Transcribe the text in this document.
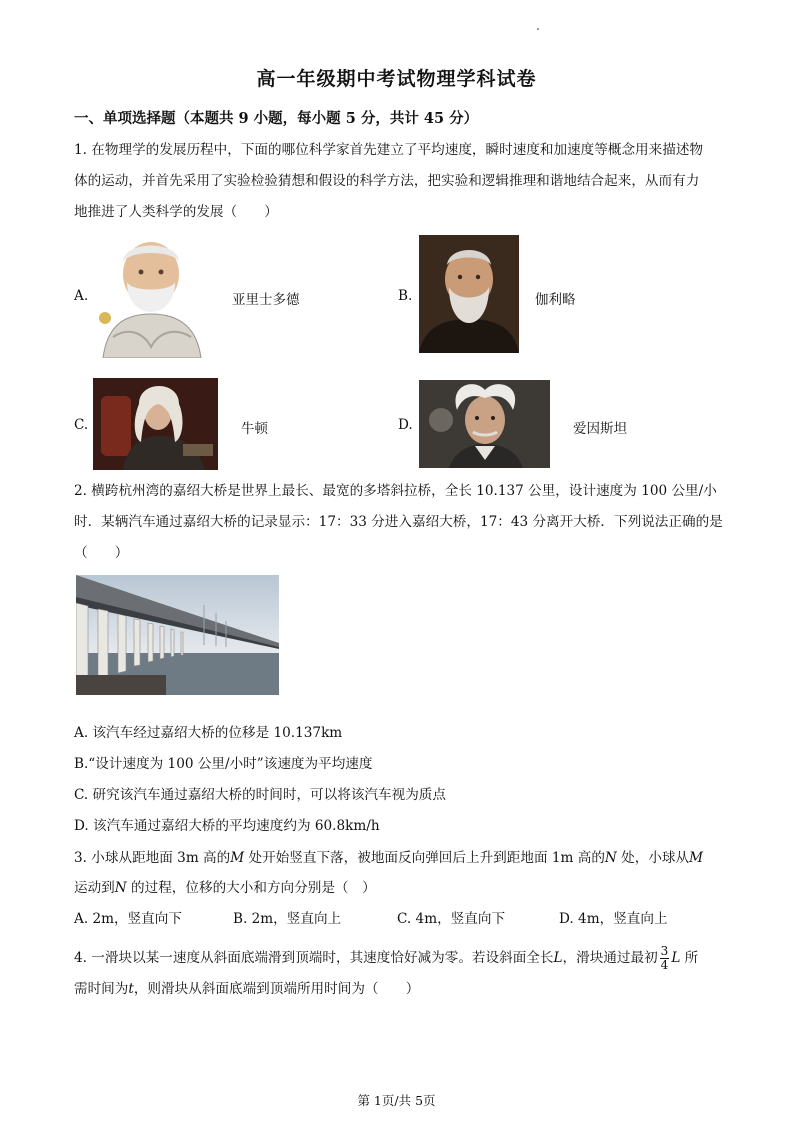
高一年级期中考试物理学科试卷
一、单项选择题（本题共 9 小题，每小题 5 分，共计 45 分）
1. 在物理学的发展历程中，下面的哪位科学家首先建立了平均速度，瞬时速度和加速度等概念用来描述物
体的运动，并首先采用了实验检验猜想和假设的科学方法，把实验和逻辑推理和谐地结合起来，从而有力
地推进了人类科学的发展（　　）
A.	亚里士多德	B.	伽利略
C.	牛顿	D.	爱因斯坦
2. 横跨杭州湾的嘉绍大桥是世界上最长、最宽的多塔斜拉桥，全长 10.137 公里，设计速度为 100 公里/小
时．某辆汽车通过嘉绍大桥的记录显示：17：33 分进入嘉绍大桥，17：43 分离开大桥．下列说法正确的是
（　　）
A. 该汽车经过嘉绍大桥的位移是 10.137km
B.“设计速度为 100 公里/小时”该速度为平均速度
C. 研究该汽车通过嘉绍大桥的时间时，可以将该汽车视为质点
D. 该汽车通过嘉绍大桥的平均速度约为 60.8km/h
3. 小球从距地面 3m 高的M 处开始竖直下落，被地面反向弹回后上升到距地面 1m 高的N 处，小球从M
运动到N 的过程，位移的大小和方向分别是（　）
A. 2m，竖直向下	B. 2m，竖直向上	C. 4m，竖直向下	D. 4m，竖直向上
4. 一滑块以某一速度从斜面底端滑到顶端时，其速度恰好减为零。若设斜面全长L，滑块通过最初 $\frac{3}{4}$ L 所
需时间为t，则滑块从斜面底端到顶端所用时间为（　　）
第 1页/共 5页
